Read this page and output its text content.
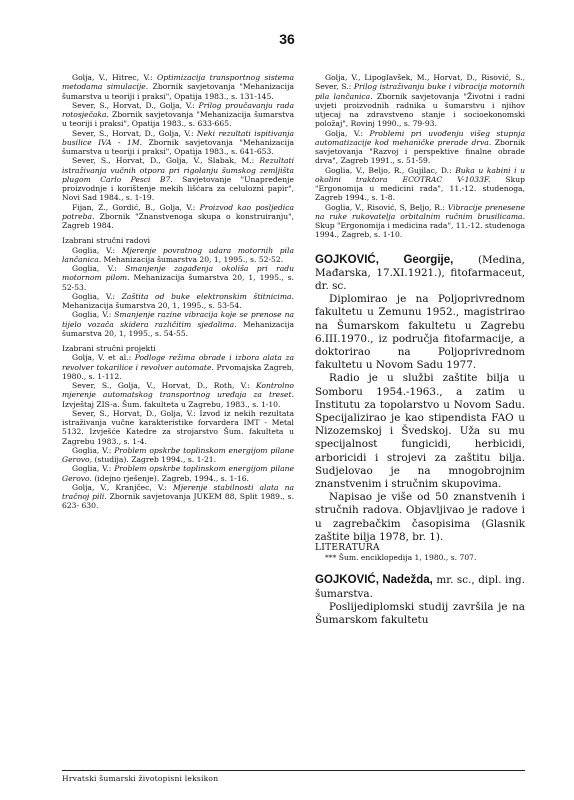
36

Golja, V., Hitrec, V.: Optimizacija transportnog sistema metodama simulacije. Zbornik savjetovanja "Mehanizacija šumarstva u teoriji i praksi", Opatija 1983., s. 131-145.

Sever, S., Horvat, D., Golja, V.: Prilog proučavanju rada rotosječaka. Zbornik savjetovanja "Mehanizacija šumarstva u teoriji i praksi", Opatija 1983., s. 633-665.

Sever, S., Horvat, D., Golja, V.: Neki rezultati ispitivanja busilice IVA - 1M. Zbornik savjetovanja "Mehanizacija šumarstva u teoriji i praksi", Opatija 1983., s. 641-653.

Sever, S., Horvat, D., Golja, V., Slabak, M.: Rezultati istraživanja vučnih otpora pri rigolanju šumskog zemljišta plugom Carlo Pesci B7. Savjetovanje "Unapređenje proizvodnje i korištenje mekih lišćara za celulozni papir", Novi Sad 1984., s. 1-19.

Fijan, Z., Gordić, B., Golja, V.: Proizvod kao posljedica potreba. Zbornik "Znanstvenoga skupa o konstruiranju", Zagreb 1984.

Izabrani stručni radovi

Goglia, V.: Mjerenje povratnog udara motornih pila lančanica. Mehanizacija šumarstva 20, 1, 1995., s. 52-52.

Goglia, V.: Smanjenje zagađenja okoliša pri radu motornom pilom. Mehanizacija šumarstva 20, 1, 1995., s. 52-53.

Goglia, V.: Zaštita od buke elektronskim štitnicima. Mehanizacija šumarstva 20, 1, 1995., s. 53-54.

Goglia, V.: Smanjenje razine vibracija koje se prenose na tijelo vozača skidera različitim sjedalima. Mehanizacija šumarstva 20, 1, 1995., s. 54-55.

Izabrani stručni projekti

Golja, V. et al.: Podloge režima obrade i izbora alata za revolver tokarilice i revolver automate. Prvomajska Zagreb, 1980., s. 1-112.

Sever, S., Golja, V., Horvat, D., Roth, V.: Kontrolno mjerenje automatskog transportnog uređaja za treset. Izvještaj ZIS-a. Šum. fakulteta u Zagrebu, 1983., s. 1-10.

Sever, S., Horvat, D., Golja, V.: Izvod iz nekih rezultata istraživanja vučne karakteristike forvardera IMT - Metal 5132. Izvješće Katedre za strojarstvo Šum. fakulteta u Zagrebu 1983., s. 1-4.

Goglia, V.: Problem opskrbe toplinskom energijom pilane Gerovo, (studija). Zagreb 1994., s. 1-21.

Goglia, V.: Problem opskrbe toplinskom energijom pilane Gerovo. (idejno rješenje). Zagreb, 1994., s. 1-16.

Golja, V., Kranjčec, V.: Mjerenje stabilnosti alata na tračnoj pili. Zbornik savjetovanja JUKEM 88, Split 1989., s. 623- 630.

Golja, V., Lipoglavšek, M., Horvat, D., Risović, S., Sever, S.: Prilog istraživanju buke i vibracija motornih pila lančanica. Zbornik savjetovanja "Životni i radni uvjeti proizvodnih radnika u šumarstvu i njihov utjecaj na zdravstveno stanje i socioekonomski položaj", Rovinj 1990., s. 79-93.

Golja, V.: Problemi pri uvođenju višeg stupnja automatizacije kod mehaničke prerade drva. Zbornik savjetovanja "Razvoj i perspektive finalne obrade drva", Zagreb 1991., s. 51-59.

Goglia, V., Beljo, R., Gujilac, D.: Buka u kabini i u okolini traktora ECOTRAC V-1033F. Skup "Ergonomija u medicini rada", 11.-12. studenoga, Zagreb 1994., s. 1-8.

Goglia, V., Risović, S, Beljo, R.: Vibracije prenesene na ruke rukovatelja orbitalnim ručnim brusilicama. Skup "Ergonomija i medicina rada", 11.-12. studenoga 1994., Zagreb, s. 1-10.

GOJKOVIĆ, Georgije, (Medina, Mađarska, 17.XI.1921.), fitofarmaceut, dr. sc.

Diplomirao je na Poljoprivrednom fakultetu u Zemunu 1952., magistrirao na Šumarskom fakultetu u Zagrebu 6.III.1970., iz područja fitofarmacije, a doktorirao na Poljoprivrednom fakultetu u Novom Sadu 1977.

Radio je u službi zaštite bilja u Somboru 1954.-1963., a zatim u Institutu za topolarstvo u Novom Sadu. Specijalizirao je kao stipendista FAO u Nizozemskoj i Švedskoj. Uža su mu specijalnost fungicidi, herbicidi, arboricidi i strojevi za zaštitu bilja. Sudjelovao je na mnogobrojnim znanstvenim i stručnim skupovima.

Napisao je više od 50 znanstvenih i stručnih radova. Objavljivao je radove i u zagrebačkim časopisima (Glasnik zaštite bilja 1978, br. 1).

LITERATURA

*** Šum. enciklopedija 1, 1980., s. 707.

GOJKOVIĆ, Nadežda, mr. sc., dipl. ing. šumarstva.

Poslijediplomski studij završila je na Šumarskom fakultetu

Hrvatski šumarski životopisni leksikon
